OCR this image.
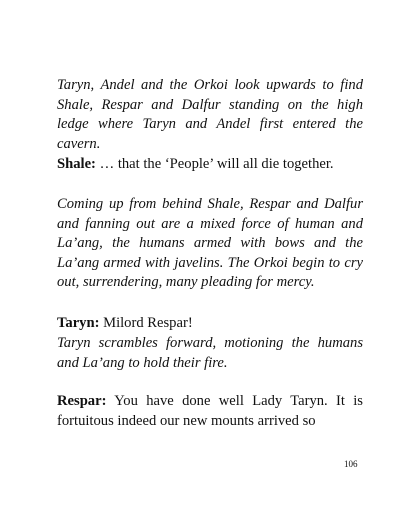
Taryn, Andel and the Orkoi look upwards to find Shale, Respar and Dalfur standing on the high ledge where Taryn and Andel first entered the cavern.

Shale: … that the ‘People’ will all die together.

Coming up from behind Shale, Respar and Dalfur and fanning out are a mixed force of human and La’ang, the humans armed with bows and the La’ang armed with javelins. The Orkoi begin to cry out, surrendering, many pleading for mercy.

Taryn: Milord Respar!

Taryn scrambles forward, motioning the humans and La’ang to hold their fire.

Respar: You have done well Lady Taryn. It is fortuitous indeed our new mounts arrived so

106
